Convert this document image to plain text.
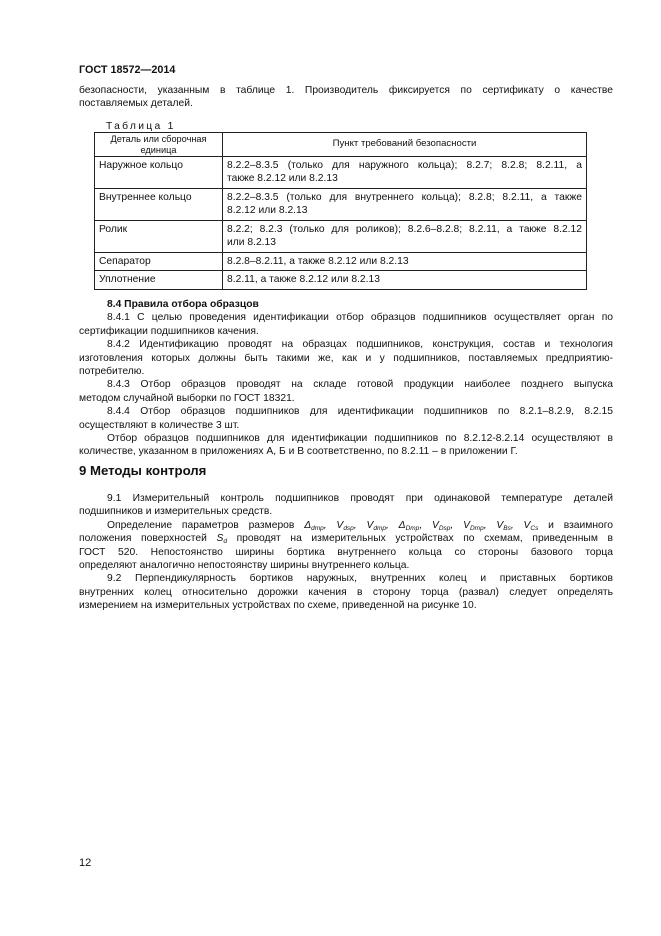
ГОСТ 18572—2014
безопасности, указанным в таблице 1. Производитель фиксируется по сертификату о качестве
поставляемых деталей.
Таблица 1
Деталь или сборочная единица	Пункт требований безопасности
Наружное кольцо	8.2.2–8.3.5 (только для наружного кольца); 8.2.7; 8.2.8; 8.2.11, а
также 8.2.12 или 8.2.13

Внутреннее кольцо	8.2.2–8.3.5 (только для внутреннего кольца); 8.2.8; 8.2.11, а также
8.2.12 или 8.2.13

Ролик	8.2.2; 8.2.3 (только для роликов); 8.2.6–8.2.8; 8.2.11, а также 8.2.12
или 8.2.13

Сепаратор	8.2.8–8.2.11, а также 8.2.12 или 8.2.13
Уплотнение	8.2.11, а также 8.2.12 или 8.2.13
8.4 Правила отбора образцов
8.4.1 С целью проведения идентификации отбор образцов подшипников осуществляет орган по
сертификации подшипников качения.
8.4.2 Идентификацию проводят на образцах подшипников, конструкция, состав и технология
изготовления которых должны быть такими же, как и у подшипников, поставляемых предприятию-
потребителю.
8.4.3 Отбор образцов проводят на складе готовой продукции наиболее позднего выпуска
методом случайной выборки по ГОСТ 18321.
8.4.4 Отбор образцов подшипников для идентификации подшипников по 8.2.1–8.2.9, 8.2.15
осуществляют в количестве 3 шт.
Отбор образцов подшипников для идентификации подшипников по 8.2.12-8.2.14 осуществляют в
количестве, указанном в приложениях А, Б и В соответственно, по 8.2.11 – в приложении Г.
9 Методы контроля
9.1 Измерительный контроль подшипников проводят при одинаковой температуре деталей
подшипников и измерительных средств.
Определение параметров размеров $\Delta_{dmp}$, $V_{dsp}$, $V_{dmp}$, $\Delta_{Dmp}$, $V_{Dsp}$, $V_{Dmp}$, $V_{Bs}$, $V_{Cs}$ и взаимного
положения поверхностей $S_d$ проводят на измерительных устройствах по схемам, приведенным в
ГОСТ 520. Непостоянство ширины бортика внутреннего кольца со стороны базового торца
определяют аналогично непостоянству ширины внутреннего кольца.
9.2 Перпендикулярность бортиков наружных, внутренних колец и приставных бортиков
внутренних колец относительно дорожки качения в сторону торца (развал) следует определять
измерением на измерительных устройствах по схеме, приведенной на рисунке 10.
12
